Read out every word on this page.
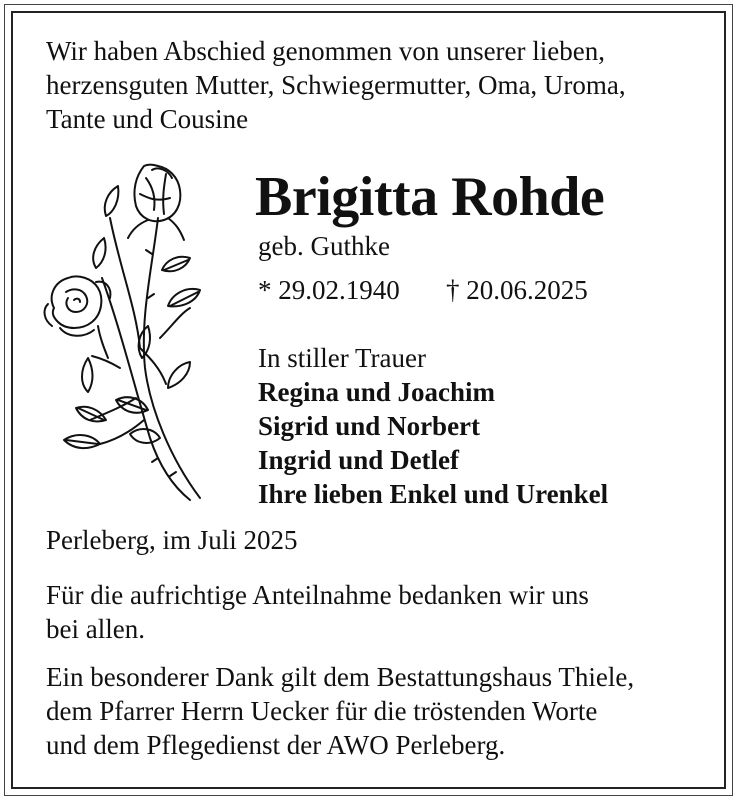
Wir haben Abschied genommen von unserer lieben,
herzensguten Mutter, Schwiegermutter, Oma, Uroma,
Tante und Cousine
Brigitta Rohde
geb. Guthke
* 29.02.1940 † 20.06.2025
In stiller Trauer
Regina und Joachim
Sigrid und Norbert
Ingrid und Detlef
Ihre lieben Enkel und Urenkel
Perleberg, im Juli 2025
Für die aufrichtige Anteilnahme bedanken wir uns
bei allen.
Ein besonderer Dank gilt dem Bestattungshaus Thiele,
dem Pfarrer Herrn Uecker für die tröstenden Worte
und dem Pflegedienst der AWO Perleberg.
